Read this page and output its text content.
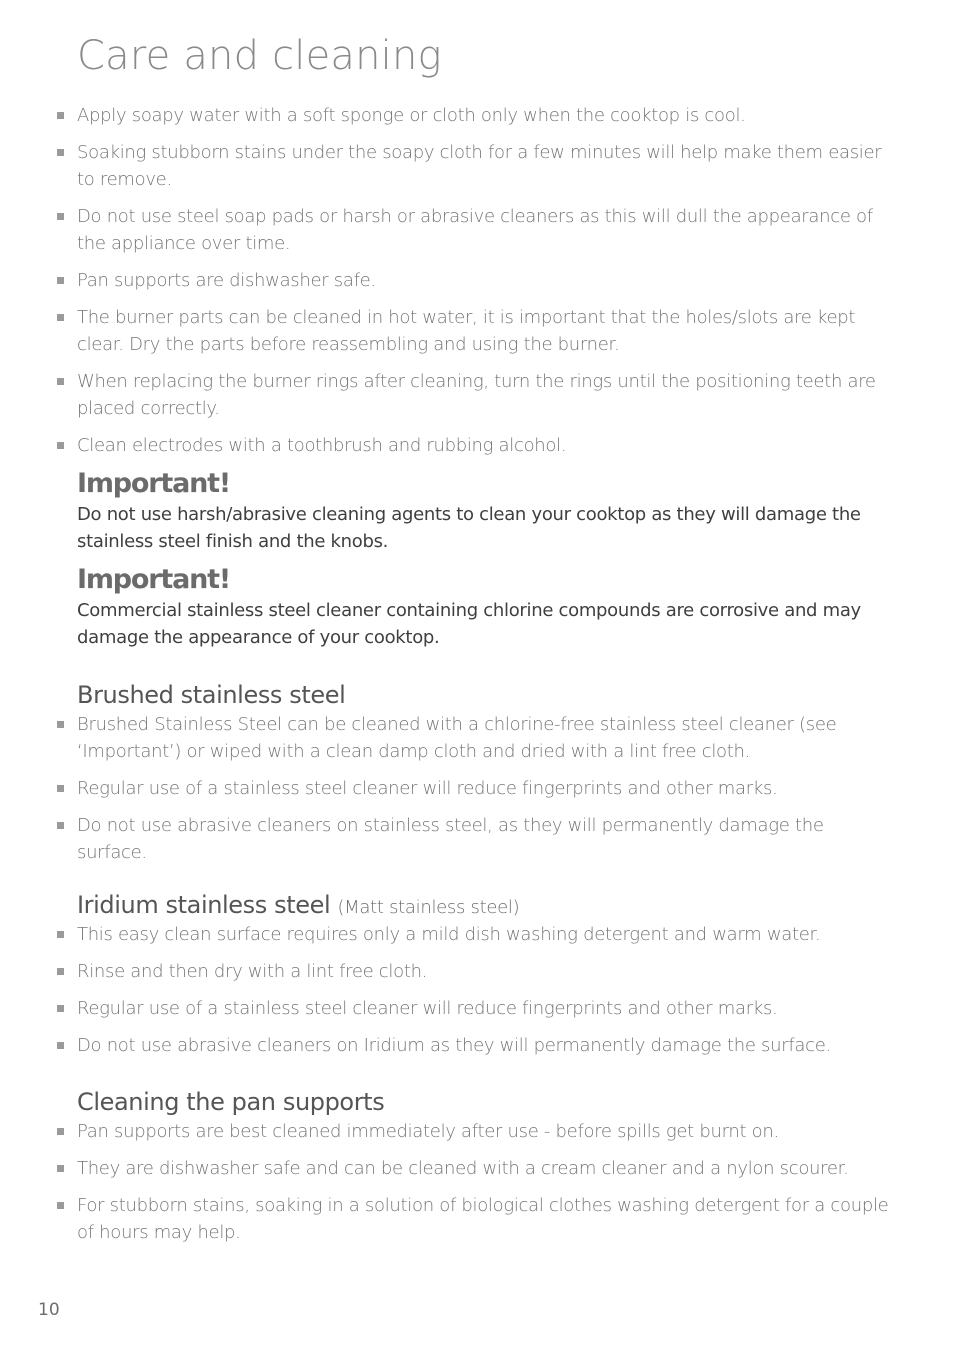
Care and cleaning
Apply soapy water with a soft sponge or cloth only when the cooktop is cool.
Soaking stubborn stains under the soapy cloth for a few minutes will help make them easier to remove.
Do not use steel soap pads or harsh or abrasive cleaners as this will dull the appearance of the appliance over time.
Pan supports are dishwasher safe.
The burner parts can be cleaned in hot water, it is important that the holes/slots are kept clear. Dry the parts before reassembling and using the burner.
When replacing the burner rings after cleaning, turn the rings until the positioning teeth are placed correctly.
Clean electrodes with a toothbrush and rubbing alcohol.
Important!

Do not use harsh/abrasive cleaning agents to clean your cooktop as they will damage the stainless steel finish and the knobs.

Important!

Commercial stainless steel cleaner containing chlorine compounds are corrosive and may damage the appearance of your cooktop.

Brushed stainless steel
Brushed Stainless Steel can be cleaned with a chlorine-free stainless steel cleaner (see ‘Important’) or wiped with a clean damp cloth and dried with a lint free cloth.
Regular use of a stainless steel cleaner will reduce fingerprints and other marks.
Do not use abrasive cleaners on stainless steel, as they will permanently damage the surface.
Iridium stainless steel (Matt stainless steel)
This easy clean surface requires only a mild dish washing detergent and warm water.
Rinse and then dry with a lint free cloth.
Regular use of a stainless steel cleaner will reduce fingerprints and other marks.
Do not use abrasive cleaners on Iridium as they will permanently damage the surface.
Cleaning the pan supports
Pan supports are best cleaned immediately after use - before spills get burnt on.
They are dishwasher safe and can be cleaned with a cream cleaner and a nylon scourer.
For stubborn stains, soaking in a solution of biological clothes washing detergent for a couple of hours may help.
10
